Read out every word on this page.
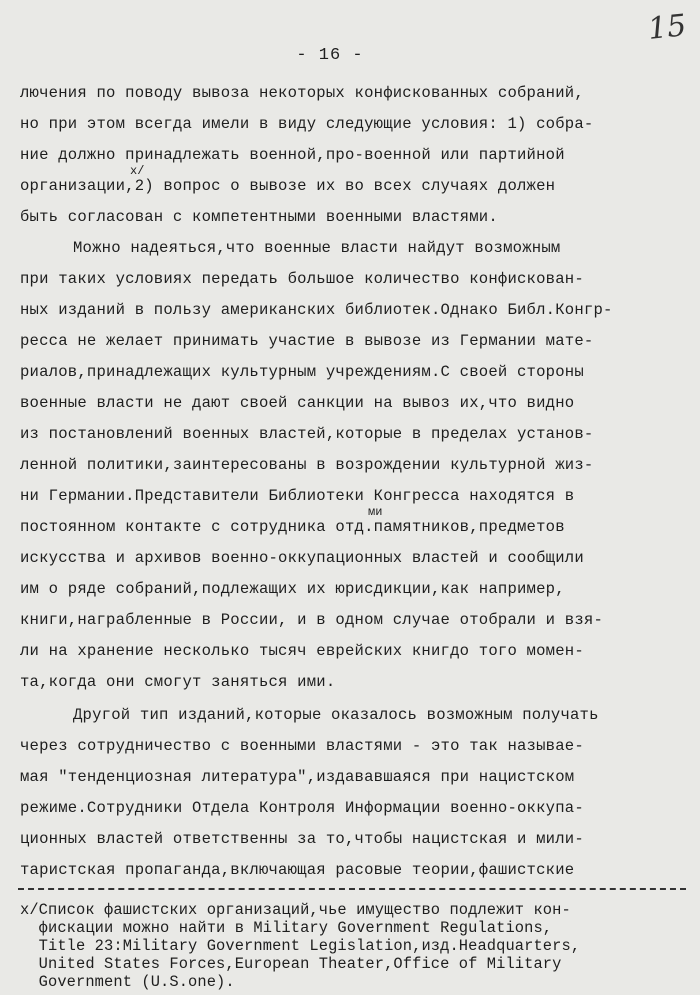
15
- 16 -
лючения по поводу вывоза некоторых конфискованных собраний,
но при этом всегда имели в виду следующие условия: 1) собра-
ние должно принадлежать военной,про-военной или партийной
x/
организации,2) вопрос о вывозе их во всех случаях должен
быть согласован с компетентными военными властями.
Можно надеяться,что военные власти найдут возможным
при таких условиях передать большое количество конфискован-
ных изданий в пользу американских библиотек.Однако Библ.Конгр-
ресса не желает принимать участие в вывозе из Германии мате-
риалов,принадлежащих культурным учреждениям.С своей стороны
военные власти не дают своей санкции на вывоз их,что видно
из постановлений военных властей,которые в пределах установ-
ленной политики,заинтересованы в возрождении культурной жиз-
ни Германии.Представители Библиотеки Конгресса находятся в
ми
постоянном контакте с сотрудника отд.памятников,предметов
искусства и архивов военно-оккупационных властей и сообщили
им о ряде собраний,подлежащих их юрисдикции,как например,
книги,награбленные в России, и в одном случае отобрали и взя-
ли на хранение несколько тысяч еврейских книгдо того момен-
та,когда они смогут заняться ими.
Другой тип изданий,которые оказалось возможным получать
через сотрудничество с военными властями - это так называе-
мая "тенденциозная литература",издававшаяся при нацистском
режиме.Сотрудники Отдела Контроля Информации военно-оккупа-
ционных властей ответственны за то,чтобы нацистская и мили-
таристская пропаганда,включающая расовые теории,фашистские
x/Список фашистских организаций,чье имущество подлежит кон-
фискации можно найти в Military Government Regulations,
Title 23:Military Government Legislation,изд.Headquarters,
United States Forces,European Theater,Office of Military
Government (U.S.one).
